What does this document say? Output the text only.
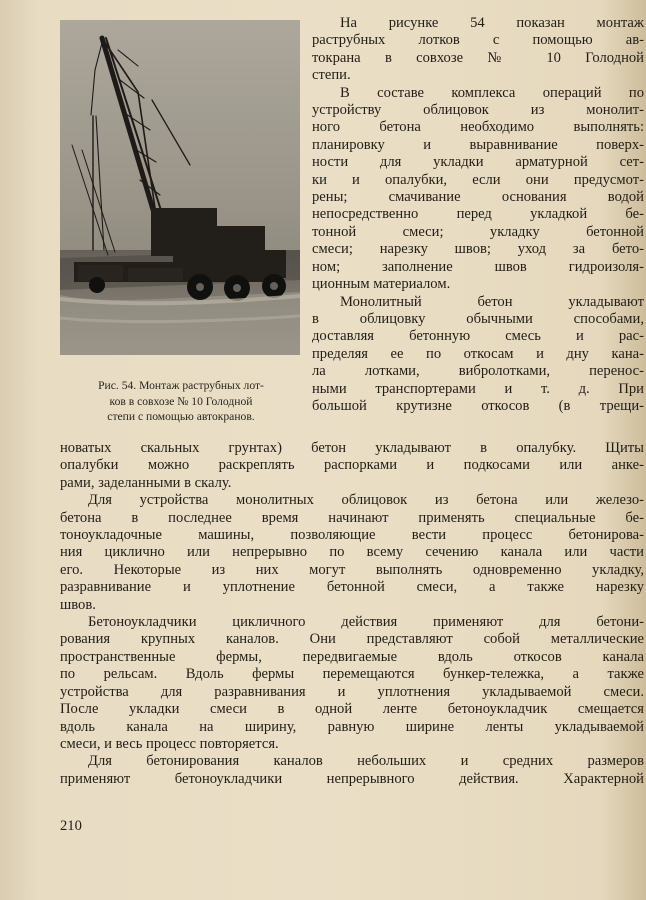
Рис. 54. Монтаж раструбных лот-
ков в совхозе № 10 Голодной
степи с помощью автокранов.
На рисунке 54 показан монтаж
раструбных лотков с помощью ав-
токрана в совхозе № 10 Голодной
степи.
В составе комплекса операций по
устройству облицовок из монолит-
ного бетона необходимо выполнять:
планировку и выравнивание поверх-
ности для укладки арматурной сет-
ки и опалубки, если они предусмот-
рены; смачивание основания водой
непосредственно перед укладкой бе-
тонной смеси; укладку бетонной
смеси; нарезку швов; уход за бето-
ном; заполнение швов гидроизоля-
ционным материалом.
Монолитный бетон укладывают
в облицовку обычными способами,
доставляя бетонную смесь и рас-
пределяя ее по откосам и дну кана-
ла лотками, вибролотками, перенос-
ными транспортерами и т. д. При
большой крутизне откосов (в трещи-
новатых скальных грунтах) бетон укладывают в опалубку. Щиты
опалубки можно раскреплять распорками и подкосами или анке-
рами, заделанными в скалу.
Для устройства монолитных облицовок из бетона или железо-
бетона в последнее время начинают применять специальные бе-
тоноукладочные машины, позволяющие вести процесс бетонирова-
ния циклично или непрерывно по всему сечению канала или части
его. Некоторые из них могут выполнять одновременно укладку,
разравнивание и уплотнение бетонной смеси, а также нарезку
швов.
Бетоноукладчики цикличного действия применяют для бетони-
рования крупных каналов. Они представляют собой металлические
пространственные фермы, передвигаемые вдоль откосов канала
по рельсам. Вдоль фермы перемещаются бункер-тележка, а также
устройства для разравнивания и уплотнения укладываемой смеси.
После укладки смеси в одной ленте бетоноукладчик смещается
вдоль канала на ширину, равную ширине ленты укладываемой
смеси, и весь процесс повторяется.
Для бетонирования каналов небольших и средних размеров
применяют бетоноукладчики непрерывного действия. Характерной
210
